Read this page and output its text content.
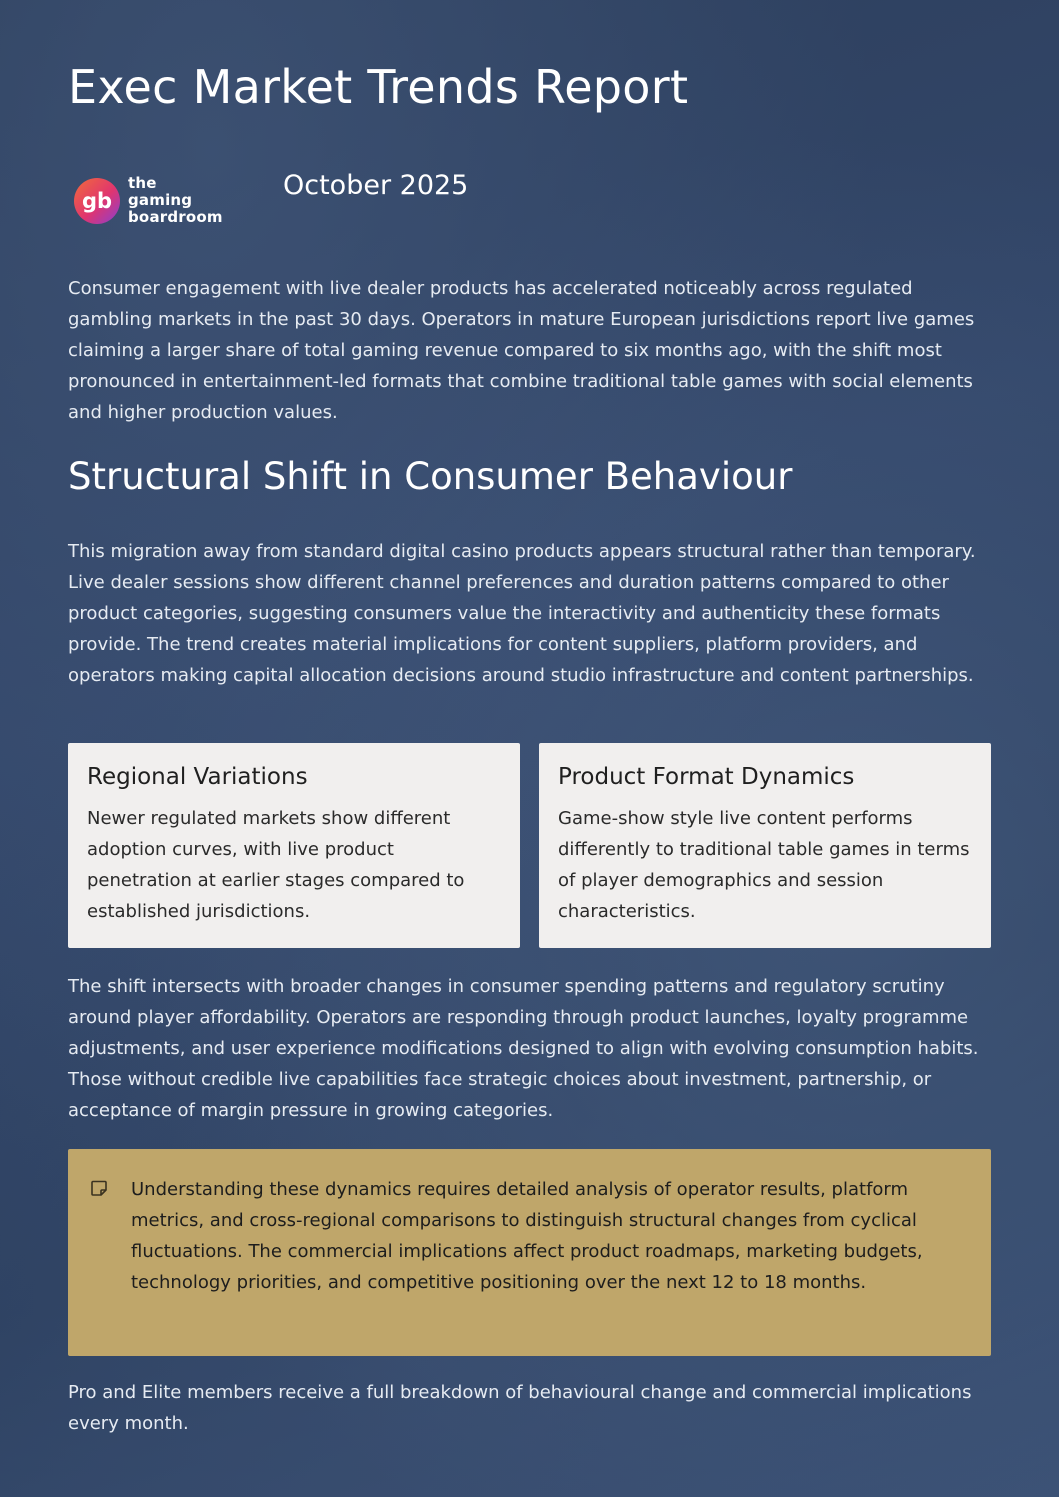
Exec Market Trends Report
gb
the
gaming
boardroom
October 2025

Consumer engagement with live dealer products has accelerated noticeably across regulated gambling markets in the past 30 days. Operators in mature European jurisdictions report live games claiming a larger share of total gaming revenue compared to six months ago, with the shift most pronounced in entertainment-led formats that combine traditional table games with social elements and higher production values.

Structural Shift in Consumer Behaviour

This migration away from standard digital casino products appears structural rather than temporary. Live dealer sessions show different channel preferences and duration patterns compared to other product categories, suggesting consumers value the interactivity and authenticity these formats provide. The trend creates material implications for content suppliers, platform providers, and operators making capital allocation decisions around studio infrastructure and content partnerships.

Regional Variations

Newer regulated markets show different adoption curves, with live product penetration at earlier stages compared to established jurisdictions.

Product Format Dynamics

Game-show style live content performs differently to traditional table games in terms of player demographics and session characteristics.

The shift intersects with broader changes in consumer spending patterns and regulatory scrutiny around player affordability. Operators are responding through product launches, loyalty programme adjustments, and user experience modifications designed to align with evolving consumption habits. Those without credible live capabilities face strategic choices about investment, partnership, or acceptance of margin pressure in growing categories.

Understanding these dynamics requires detailed analysis of operator results, platform metrics, and cross-regional comparisons to distinguish structural changes from cyclical fluctuations. The commercial implications affect product roadmaps, marketing budgets, technology priorities, and competitive positioning over the next 12 to 18 months.

Pro and Elite members receive a full breakdown of behavioural change and commercial implications every month.
